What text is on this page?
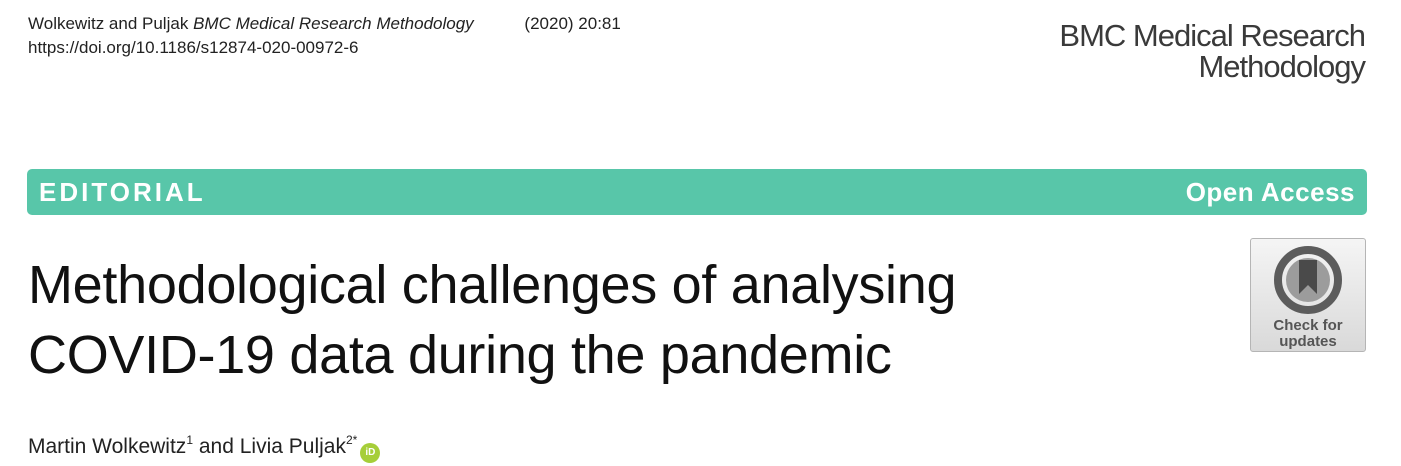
Wolkewitz and Puljak BMC Medical Research Methodology	(2020) 20:81
https://doi.org/10.1186/s12874-020-00972-6	BMC Medical Research
Methodology
EDITORIAL	Open Access
Methodological challenges of analysing
COVID-19 data during the pandemic	Check for
updates
Martin Wolkewitz$^1$ and Livia Puljak$^{2*}$iD
